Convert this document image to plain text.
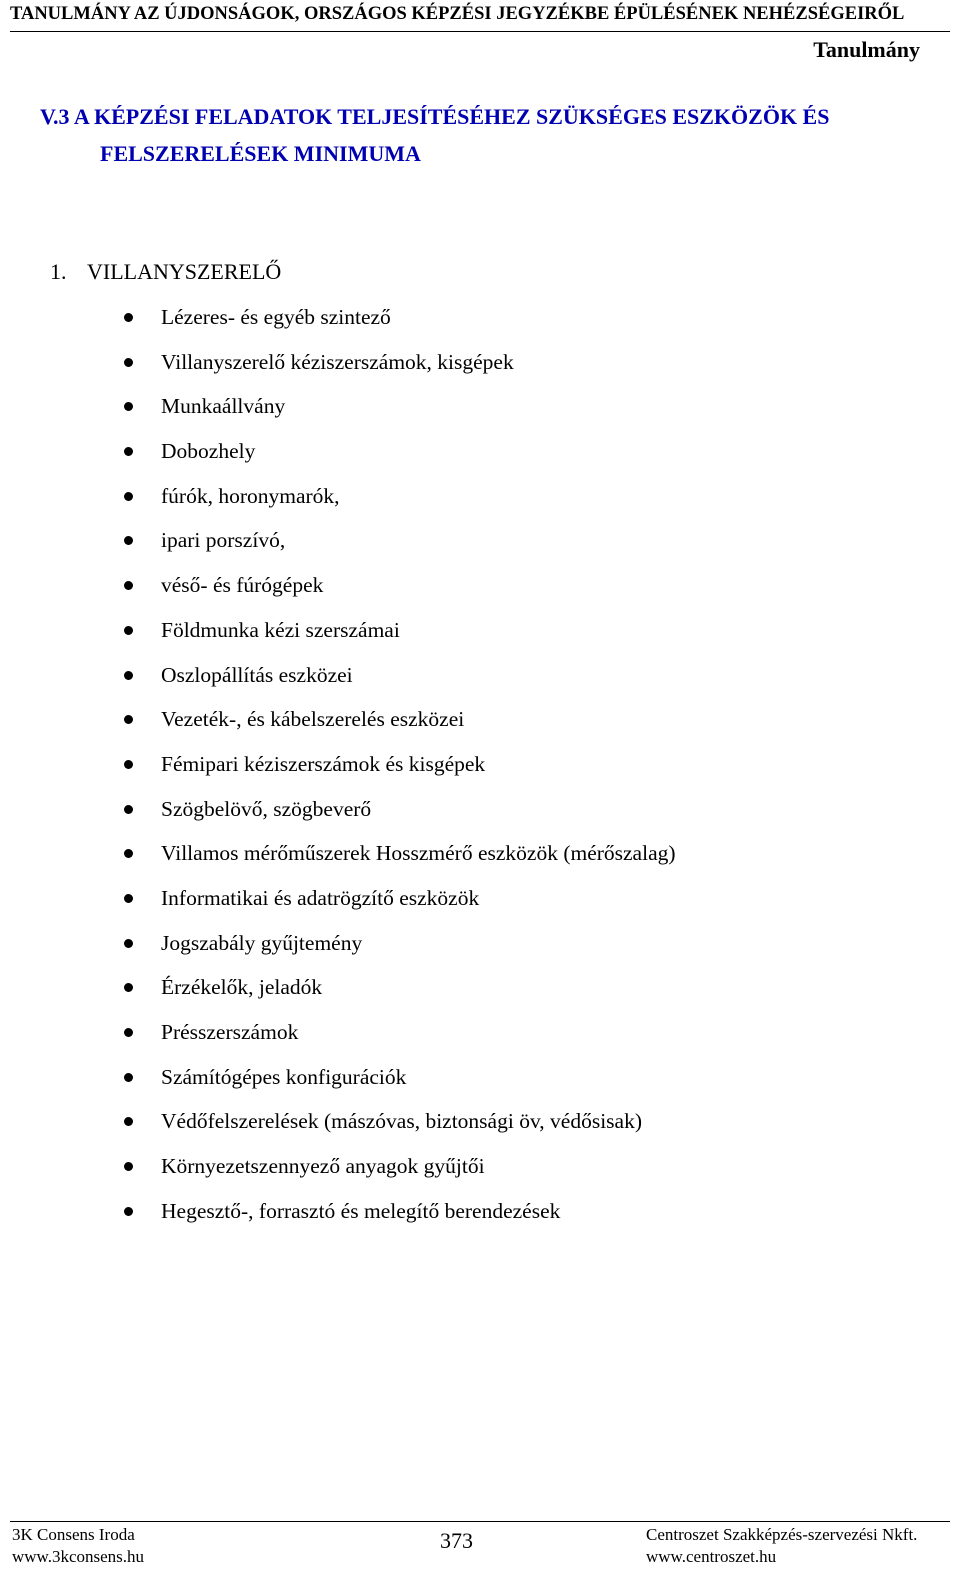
TANULMÁNY AZ ÚJDONSÁGOK, ORSZÁGOS KÉPZÉSI JEGYZÉKBE ÉPÜLÉSÉNEK NEHÉZSÉGEIRŐL
Tanulmány
V.3 A KÉPZÉSI FELADATOK TELJESÍTÉSÉHEZ SZÜKSÉGES ESZKÖZÖK ÉS
FELSZERELÉSEK MINIMUMA
1. VILLANYSZERELŐ
Lézeres- és egyéb szintező
Villanyszerelő kéziszerszámok, kisgépek
Munkaállvány
Dobozhely
fúrók, horonymarók,
ipari porszívó,
véső- és fúrógépek
Földmunka kézi szerszámai
Oszlopállítás eszközei
Vezeték-, és kábelszerelés eszközei
Fémipari kéziszerszámok és kisgépek
Szögbelövő, szögbeverő
Villamos mérőműszerek Hosszmérő eszközök (mérőszalag)
Informatikai és adatrögzítő eszközök
Jogszabály gyűjtemény
Érzékelők, jeladók
Présszerszámok
Számítógépes konfigurációk
Védőfelszerelések (mászóvas, biztonsági öv, védősisak)
Környezetszennyező anyagok gyűjtői
Hegesztő-, forrasztó és melegítő berendezések
3K Consens Iroda
www.3kconsens.hu
373	Centroszet Szakképzés-szervezési Nkft.
www.centroszet.hu
